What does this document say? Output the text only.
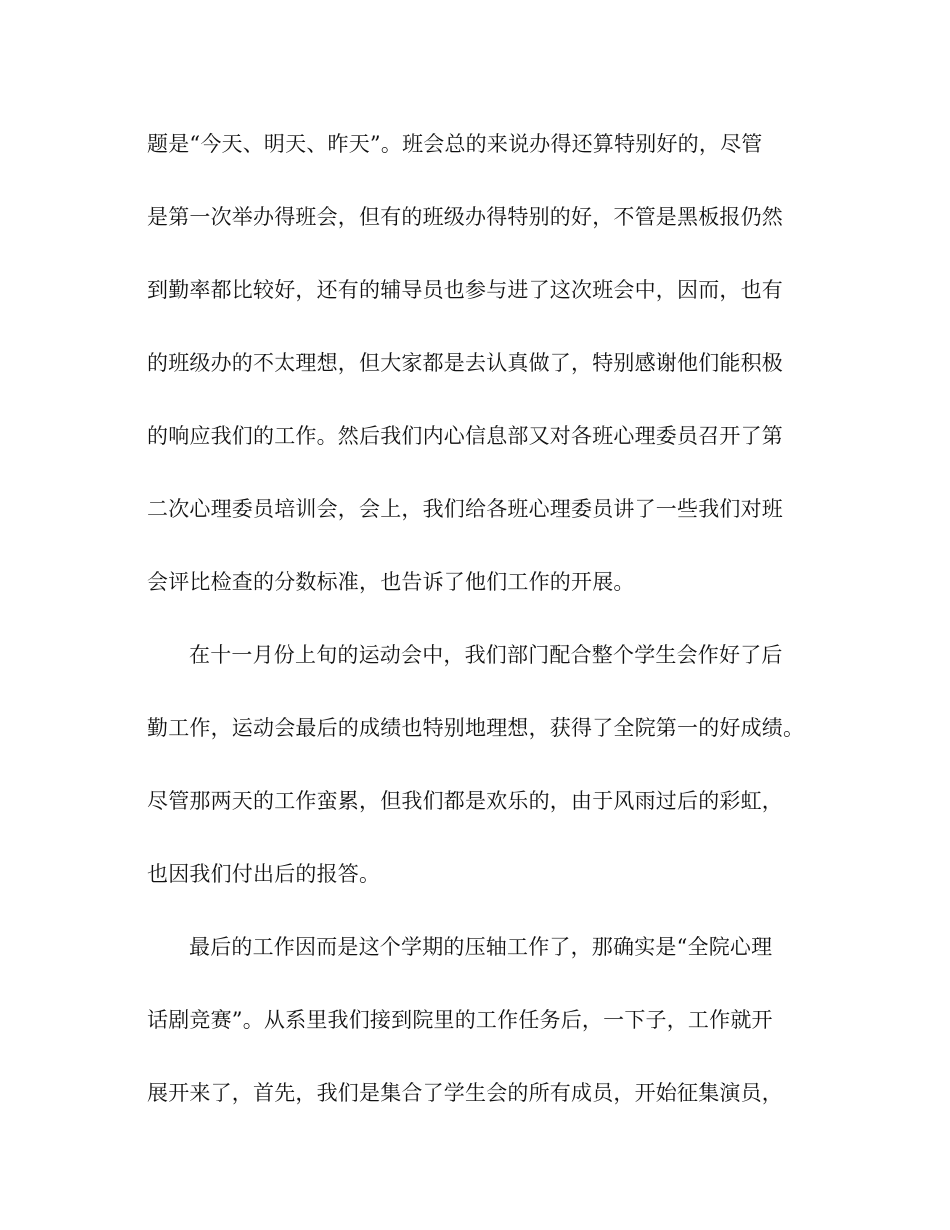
题是“今天、明天、昨天”。班会总的来说办得还算特别好的，尽管
是第一次举办得班会，但有的班级办得特别的好，不管是黑板报仍然
到勤率都比较好，还有的辅导员也参与进了这次班会中，因而，也有
的班级办的不太理想，但大家都是去认真做了，特别感谢他们能积极
的响应我们的工作。然后我们内心信息部又对各班心理委员召开了第
二次心理委员培训会，会上，我们给各班心理委员讲了一些我们对班
会评比检查的分数标准，也告诉了他们工作的开展。
在十一月份上旬的运动会中，我们部门配合整个学生会作好了后
勤工作，运动会最后的成绩也特别地理想，获得了全院第一的好成绩。
尽管那两天的工作蛮累，但我们都是欢乐的，由于风雨过后的彩虹，
也因我们付出后的报答。
最后的工作因而是这个学期的压轴工作了，那确实是“全院心理
话剧竞赛”。从系里我们接到院里的工作任务后，一下子，工作就开
展开来了，首先，我们是集合了学生会的所有成员，开始征集演员，
